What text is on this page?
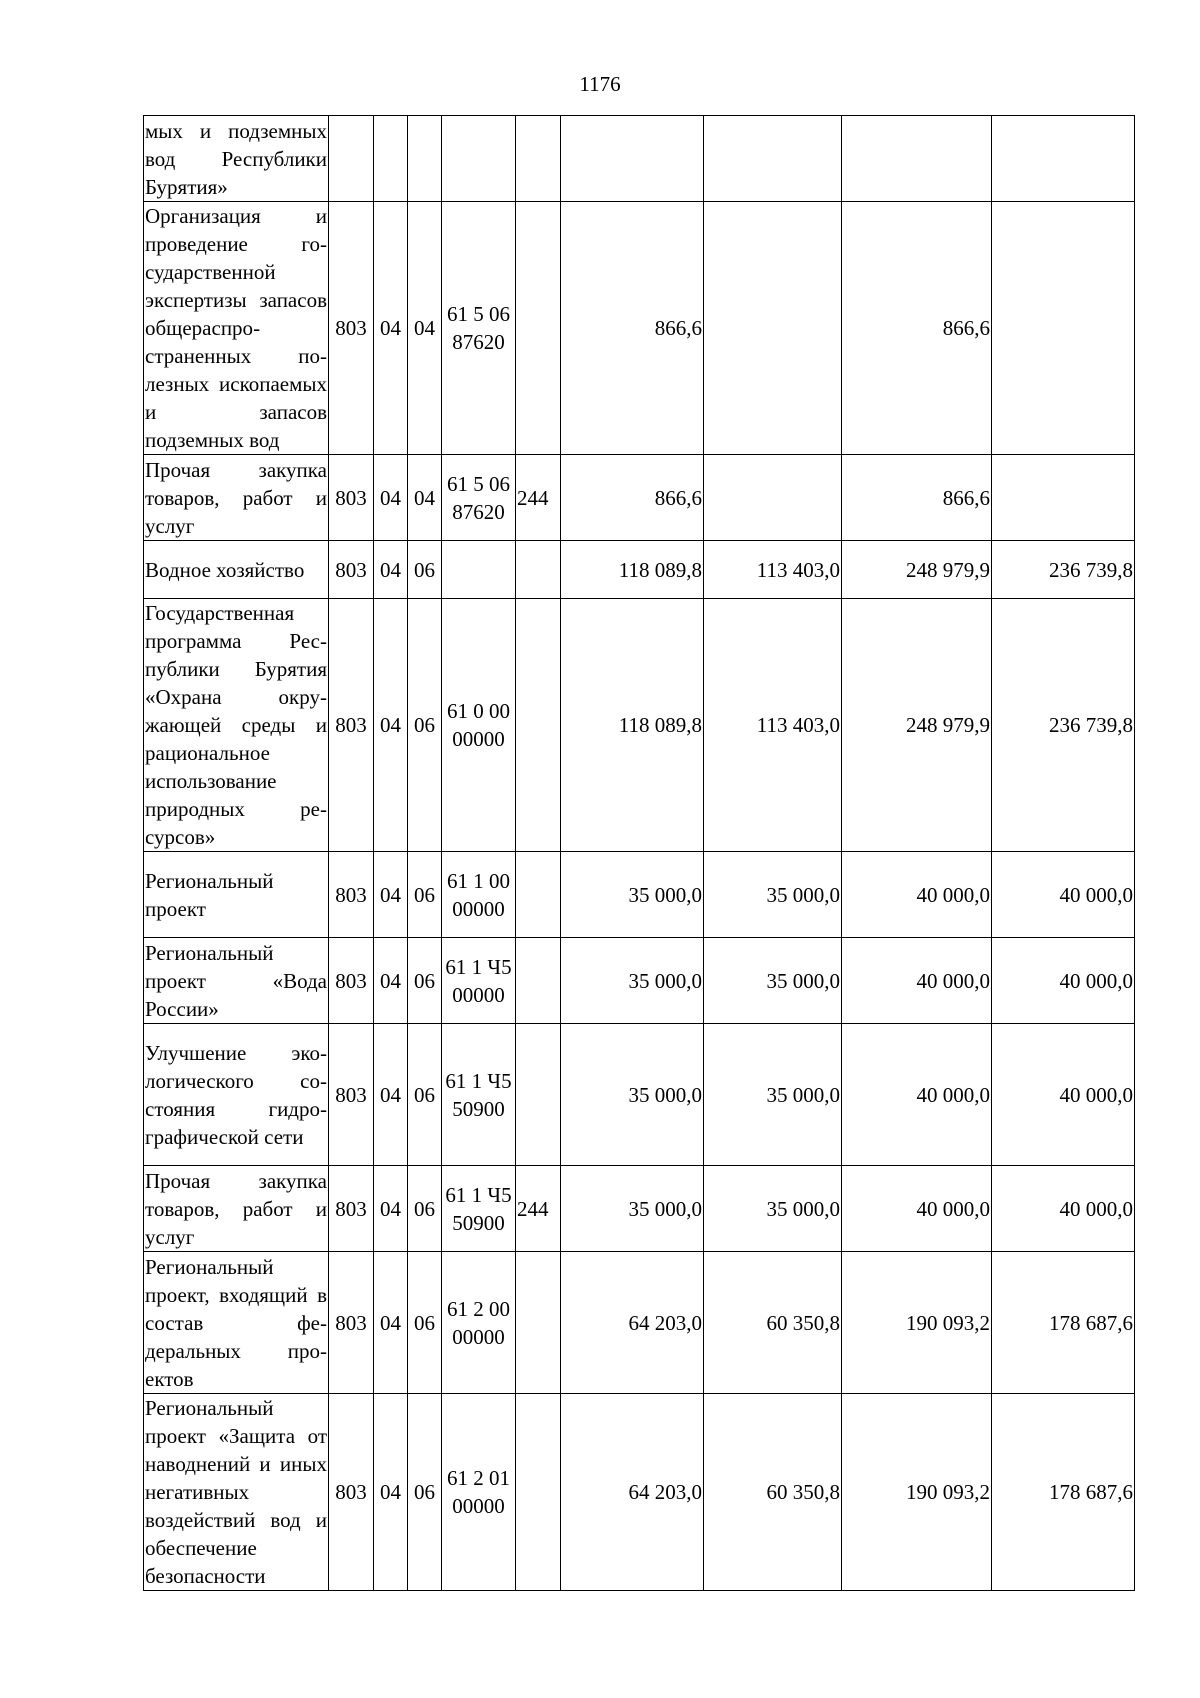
1176
мых и подземных вод Республики Бурятия»									
Организация и проведение государственной экспертизы запасов общераспространенных полезных ископаемых и запасов подземных вод	803	04	04	61 5 06 87620		866,6		866,6	
Прочая закупка товаров, работ и услуг	803	04	04	61 5 06 87620	244	866,6		866,6	
Водное хозяйство	803	04	06			118 089,8	113 403,0	248 979,9	236 739,8
Государственная программа Республики Бурятия «Охрана окружающей среды и рациональное использование природных ресурсов»	803	04	06	61 0 00 00000		118 089,8	113 403,0	248 979,9	236 739,8
Региональный проект	803	04	06	61 1 00 00000		35 000,0	35 000,0	40 000,0	40 000,0
Региональный проект «Вода России»	803	04	06	61 1 Ч5 00000		35 000,0	35 000,0	40 000,0	40 000,0
Улучшение экологического состояния гидрографической сети	803	04	06	61 1 Ч5 50900		35 000,0	35 000,0	40 000,0	40 000,0
Прочая закупка товаров, работ и услуг	803	04	06	61 1 Ч5 50900	244	35 000,0	35 000,0	40 000,0	40 000,0
Региональный проект, входящий в состав федеральных проектов	803	04	06	61 2 00 00000		64 203,0	60 350,8	190 093,2	178 687,6
Региональный проект «Защита от наводнений и иных негативных воздействий вод и обеспечение безопасности	803	04	06	61 2 01 00000		64 203,0	60 350,8	190 093,2	178 687,6
